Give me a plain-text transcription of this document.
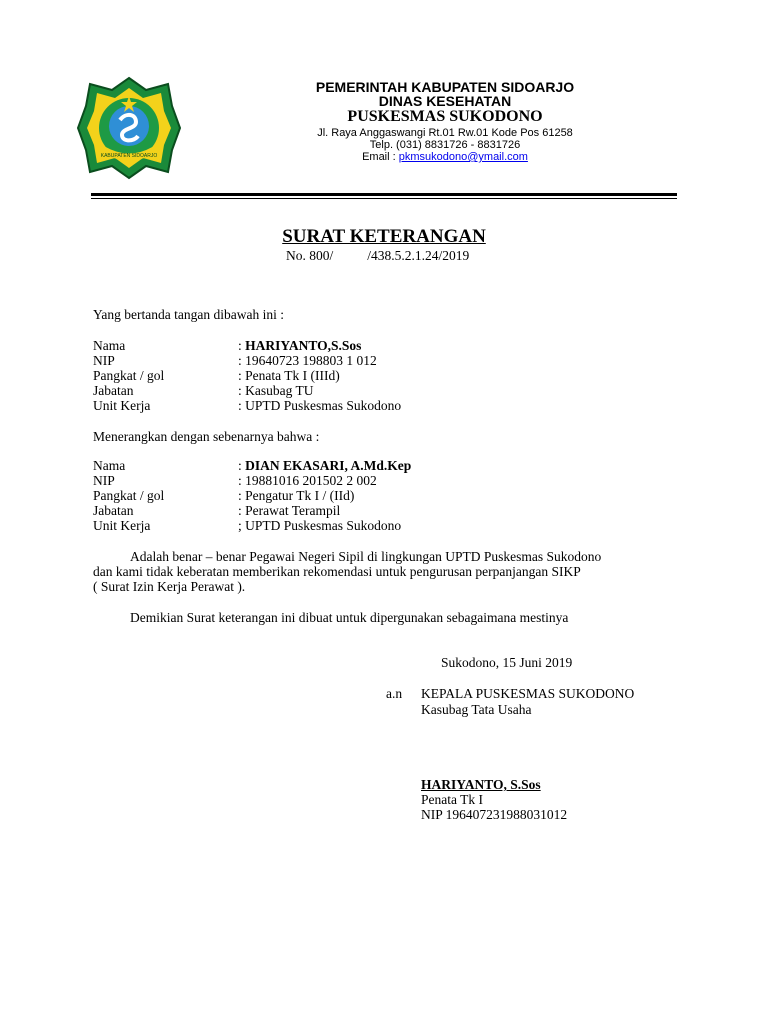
KABUPATEN SIDOARJO
PEMERINTAH KABUPATEN SIDOARJO
DINAS KESEHATAN
PUSKESMAS SUKODONO
Jl. Raya Anggaswangi Rt.01 Rw.01 Kode Pos 61258
Telp. (031) 8831726 - 8831726
Email : pkmsukodono@ymail.com
SURAT KETERANGAN
No. 800/	/438.5.2.1.24/2019
Yang bertanda tangan dibawah ini :
Nama	: HARIYANTO,S.Sos
NIP	: 19640723 198803 1 012
Pangkat / gol	: Penata Tk I (IIId)
Jabatan	: Kasubag TU
Unit Kerja	: UPTD Puskesmas Sukodono
Menerangkan dengan sebenarnya bahwa :
Nama	: DIAN EKASARI, A.Md.Kep
NIP	: 19881016 201502 2 002
Pangkat / gol	: Pengatur Tk I / (IId)
Jabatan	: Perawat Terampil
Unit Kerja	; UPTD Puskesmas Sukodono
Adalah benar – benar Pegawai Negeri Sipil di lingkungan UPTD Puskesmas Sukodono
dan kami tidak keberatan memberikan rekomendasi untuk pengurusan perpanjangan SIKP
( Surat Izin Kerja Perawat ).
Demikian Surat keterangan ini dibuat untuk dipergunakan sebagaimana mestinya
Sukodono, 15 Juni 2019
a.n KEPALA PUSKESMAS SUKODONO
Kasubag Tata Usaha
HARIYANTO, S.Sos
Penata Tk I
NIP 196407231988031012
